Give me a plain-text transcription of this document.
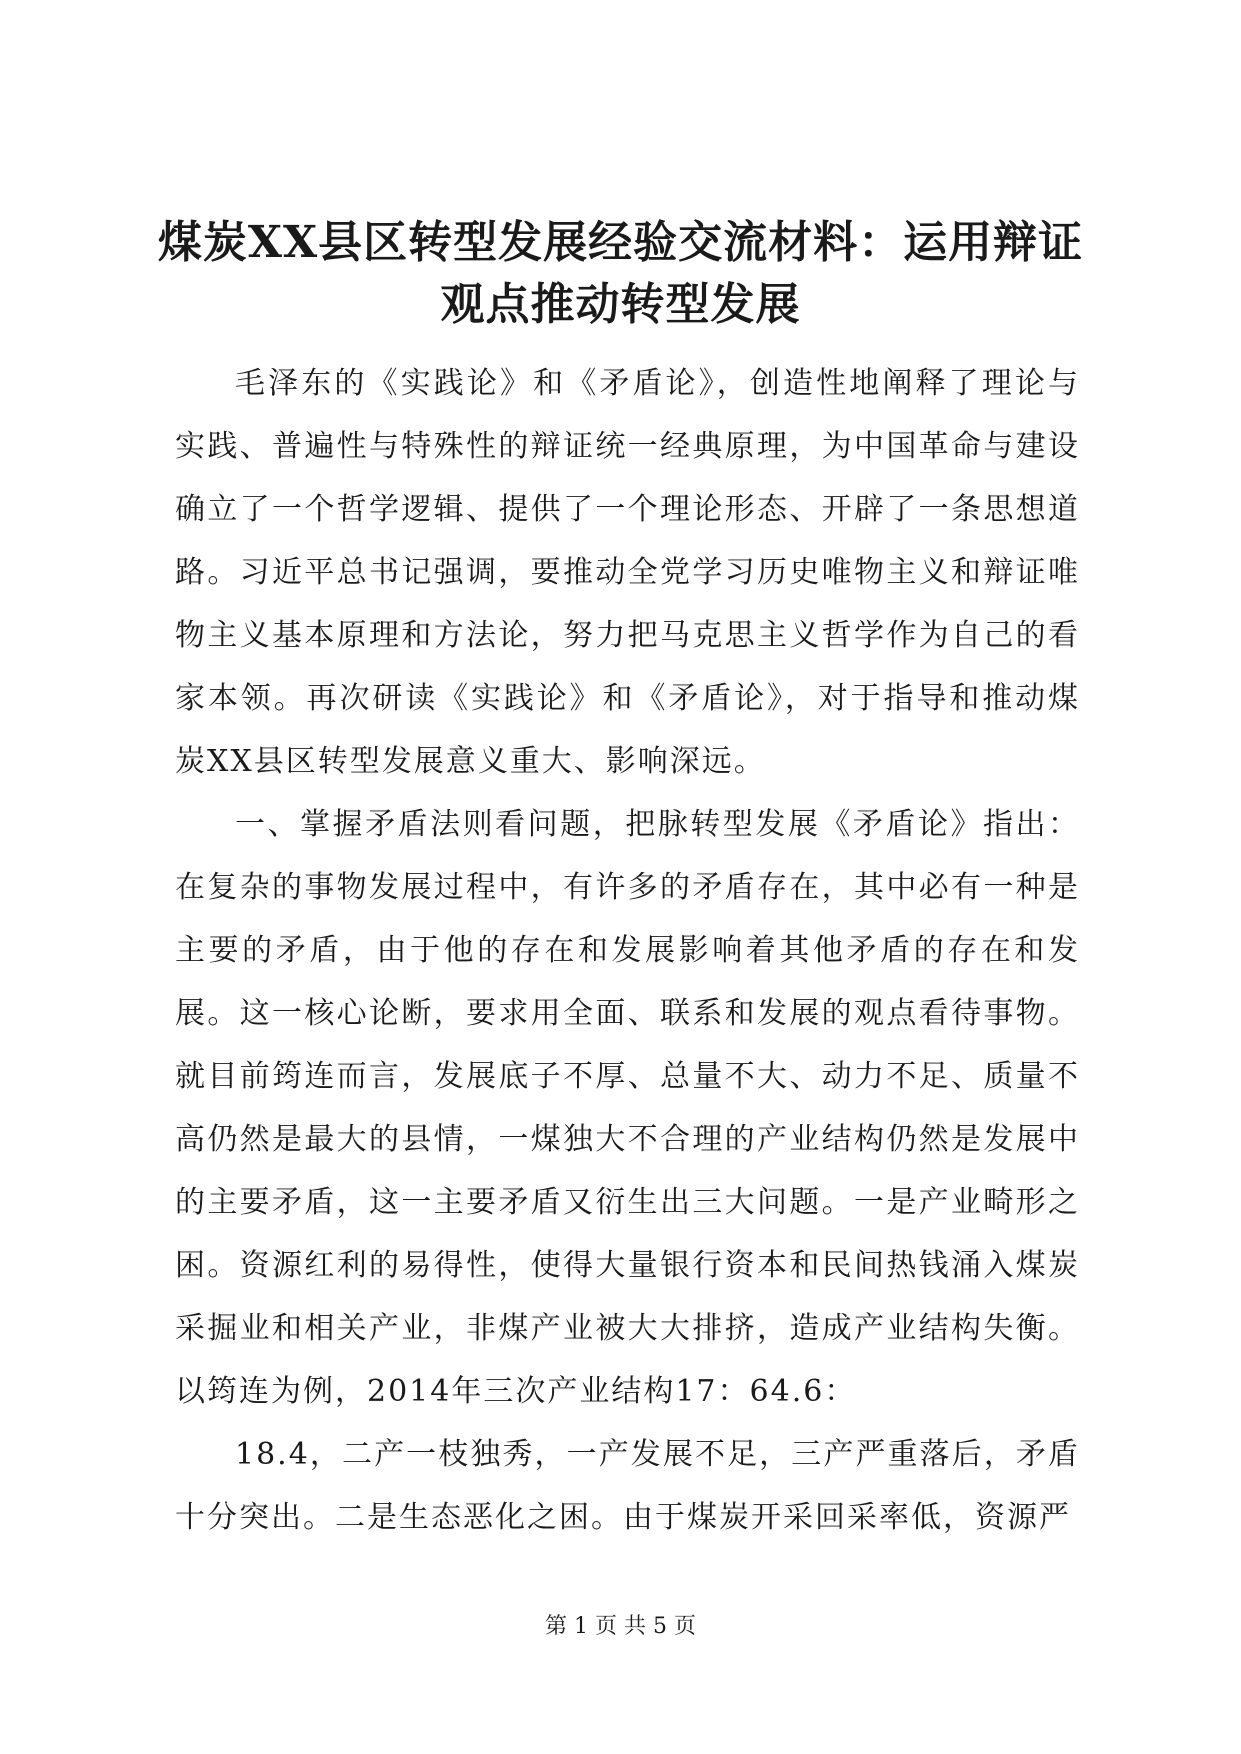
煤炭XX县区转型发展经验交流材料：运用辩证观点推动转型发展

毛泽东的《实践论》和《矛盾论》，创造性地阐释了理论与实践、普遍性与特殊性的辩证统一经典原理，为中国革命与建设确立了一个哲学逻辑、提供了一个理论形态、开辟了一条思想道路。习近平总书记强调，要推动全党学习历史唯物主义和辩证唯物主义基本原理和方法论，努力把马克思主义哲学作为自己的看家本领。再次研读《实践论》和《矛盾论》，对于指导和推动煤炭XX县区转型发展意义重大、影响深远。

一、掌握矛盾法则看问题，把脉转型发展《矛盾论》指出：在复杂的事物发展过程中，有许多的矛盾存在，其中必有一种是主要的矛盾，由于他的存在和发展影响着其他矛盾的存在和发展。这一核心论断，要求用全面、联系和发展的观点看待事物。就目前筠连而言，发展底子不厚、总量不大、动力不足、质量不高仍然是最大的县情，一煤独大不合理的产业结构仍然是发展中的主要矛盾，这一主要矛盾又衍生出三大问题。一是产业畸形之困。资源红利的易得性，使得大量银行资本和民间热钱涌入煤炭采掘业和相关产业，非煤产业被大大排挤，造成产业结构失衡。以筠连为例，2014年三次产业结构17：64.6：

18.4，二产一枝独秀，一产发展不足，三产严重落后，矛盾十分突出。二是生态恶化之困。由于煤炭开采回采率低，资源严

第 1 页 共 5 页
